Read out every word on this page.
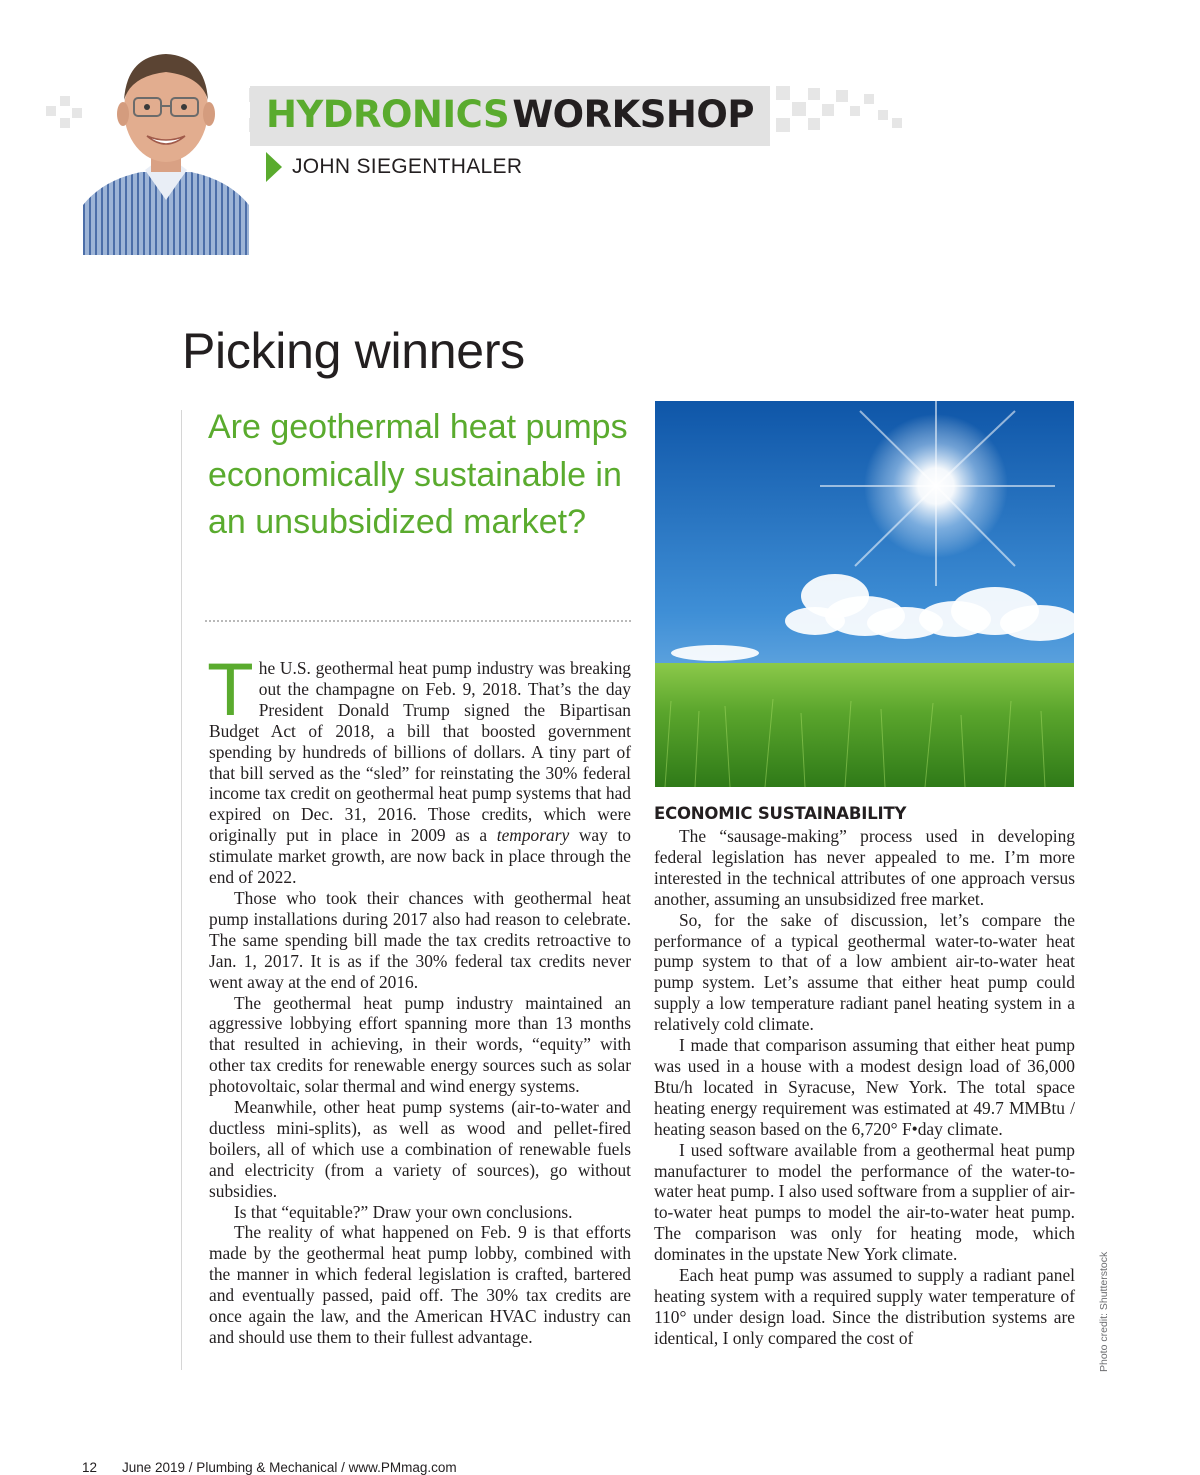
HYDRONICS WORKSHOP
JOHN SIEGENTHALER
Picking winners
Are geothermal heat pumps economically sustainable in an unsubsidized market?

The U.S. geothermal heat pump industry was breaking out the champagne on Feb. 9, 2018. That’s the day President Donald Trump signed the Bipartisan Budget Act of 2018, a bill that boosted government spending by hundreds of billions of dollars. A tiny part of that bill served as the “sled” for reinstating the 30% federal income tax credit on geothermal heat pump systems that had expired on Dec. 31, 2016. Those credits, which were originally put in place in 2009 as a temporary way to stimulate market growth, are now back in place through the end of 2022.

Those who took their chances with geothermal heat pump installations during 2017 also had reason to celebrate. The same spending bill made the tax credits retroactive to Jan. 1, 2017. It is as if the 30% federal tax credits never went away at the end of 2016.

The geothermal heat pump industry maintained an aggressive lobbying effort spanning more than 13 months that resulted in achieving, in their words, “equity” with other tax credits for renewable energy sources such as solar photovoltaic, solar thermal and wind energy systems.

Meanwhile, other heat pump systems (air-to-water and ductless mini-splits), as well as wood and pellet-fired boilers, all of which use a combination of renewable fuels and electricity (from a variety of sources), go without subsidies.

Is that “equitable?” Draw your own conclusions.

The reality of what happened on Feb. 9 is that efforts made by the geothermal heat pump lobby, combined with the manner in which federal legislation is crafted, bartered and eventually passed, paid off. The 30% tax credits are once again the law, and the American HVAC industry can and should use them to their fullest advantage.

ECONOMIC SUSTAINABILITY

The “sausage-making” process used in developing federal legislation has never appealed to me. I’m more interested in the technical attributes of one approach versus another, assuming an unsubsidized free market.

So, for the sake of discussion, let’s compare the performance of a typical geothermal water-to-water heat pump system to that of a low ambient air-to-water heat pump system. Let’s assume that either heat pump could supply a low temperature radiant panel heating system in a relatively cold climate.

I made that comparison assuming that either heat pump was used in a house with a modest design load of 36,000 Btu/h located in Syracuse, New York. The total space heating energy requirement was estimated at 49.7 MMBtu / heating season based on the 6,720° F•day climate.

I used software available from a geothermal heat pump manufacturer to model the performance of the water-to-water heat pump. I also used software from a supplier of air-to-water heat pumps to model the air-to-water heat pump. The comparison was only for heating mode, which dominates in the upstate New York climate.

Each heat pump was assumed to supply a radiant panel heating system with a required supply water temperature of 110° under design load. Since the distribution systems are identical, I only compared the cost of	Photo credit: Shutterstock
12 June 2019 / Plumbing & Mechanical / www.PMmag.com
